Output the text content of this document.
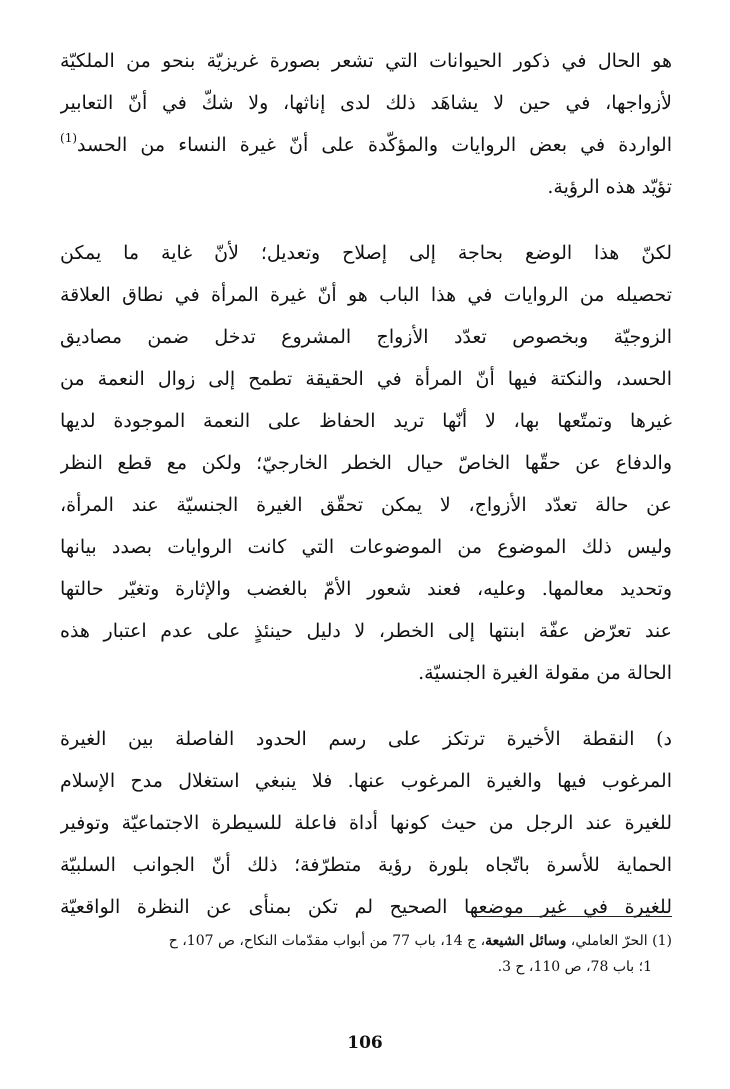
هو الحال في ذكور الحيوانات التي تشعر بصورة غريزيّة بنحو من الملكيّة
لأزواجها، في حين لا يشاهَد ذلك لدى إناثها، ولا شكّ في أنّ التعابير
الواردة في بعض الروايات والمؤكّدة على أنّ غيرة النساء من الحسد$^{(1)}$
تؤيّد هذه الرؤية.
لكنّ هذا الوضع بحاجة إلى إصلاح وتعديل؛ لأنّ غاية ما يمكن
تحصيله من الروايات في هذا الباب هو أنّ غيرة المرأة في نطاق العلاقة
الزوجيّة وبخصوص تعدّد الأزواج المشروع تدخل ضمن مصاديق
الحسد، والنكتة فيها أنّ المرأة في الحقيقة تطمح إلى زوال النعمة من
غيرها وتمتّعها بها، لا أنّها تريد الحفاظ على النعمة الموجودة لديها
والدفاع عن حقّها الخاصّ حيال الخطر الخارجيّ؛ ولكن مع قطع النظر
عن حالة تعدّد الأزواج، لا يمكن تحقّق الغيرة الجنسيّة عند المرأة،
وليس ذلك الموضوع من الموضوعات التي كانت الروايات بصدد بيانها
وتحديد معالمها. وعليه، فعند شعور الأمّ بالغضب والإثارة وتغيّر حالتها
عند تعرّض عفّة ابنتها إلى الخطر، لا دليل حينئذٍ على عدم اعتبار هذه
الحالة من مقولة الغيرة الجنسيّة.
د) النقطة الأخيرة ترتكز على رسم الحدود الفاصلة بين الغيرة
المرغوب فيها والغيرة المرغوب عنها. فلا ينبغي استغلال مدح الإسلام
للغيرة عند الرجل من حيث كونها أداة فاعلة للسيطرة الاجتماعيّة وتوفير
الحماية للأسرة باتّجاه بلورة رؤية متطرّفة؛ ذلك أنّ الجوانب السلبيّة
للغيرة في غير موضعها الصحيح لم تكن بمنأى عن النظرة الواقعيّة
(1) الحرّ العاملي، وسائل الشيعة، ج 14، باب 77 من أبواب مقدّمات النكاح، ص 107، ح
1؛ باب 78، ص 110، ح 3.
106
